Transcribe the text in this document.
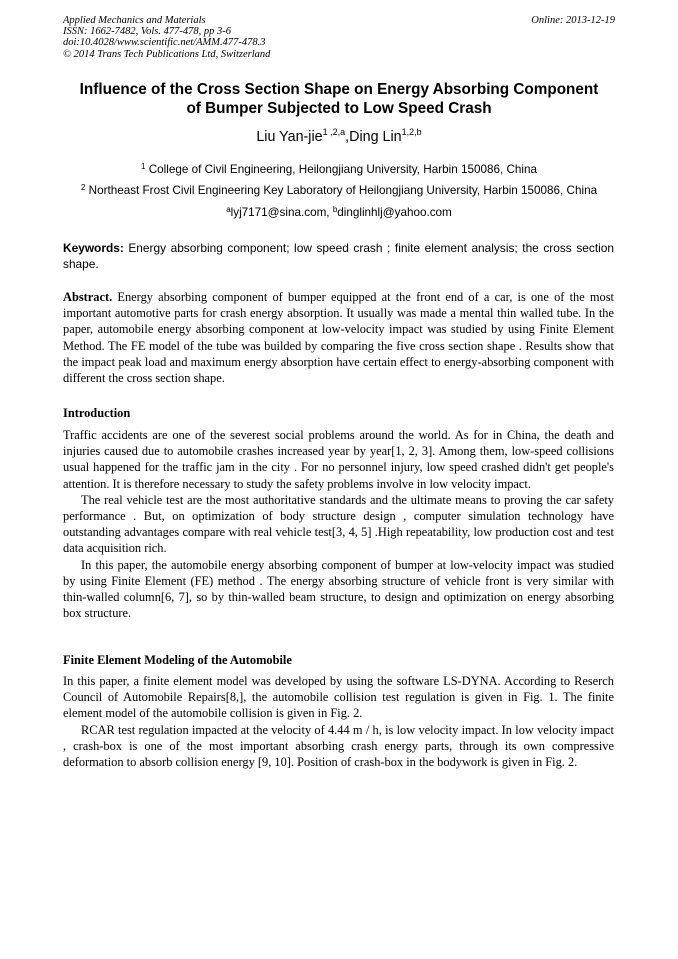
Applied Mechanics and Materials
ISSN: 1662-7482, Vols. 477-478, pp 3-6
doi:10.4028/www.scientific.net/AMM.477-478.3
© 2014 Trans Tech Publications Ltd, Switzerland
Online: 2013-12-19
Influence of the Cross Section Shape on Energy Absorbing Component
of Bumper Subjected to Low Speed Crash
Liu Yan-jie$^{1 ,2,a}$,Ding Lin$^{1,2,b}$
$^1$ College of Civil Engineering, Heilongjiang University, Harbin 150086, China
$^2$ Northeast Frost Civil Engineering Key Laboratory of Heilongjiang University, Harbin 150086, China
$^a$lyj7171@sina.com, $^b$dinglinhlj@yahoo.com
Keywords: Energy absorbing component; low speed crash ; finite element analysis; the cross section shape.
Abstract. Energy absorbing component of bumper equipped at the front end of a car, is one of the most important automotive parts for crash energy absorption. It usually was made a mental thin walled tube. In the paper, automobile energy absorbing component at low-velocity impact was studied by using Finite Element Method. The FE model of the tube was builded by comparing the five cross section shape . Results show that the impact peak load and maximum energy absorption have certain effect to energy-absorbing component with different the cross section shape.
Introduction

Traffic accidents are one of the severest social problems around the world. As for in China, the death and injuries caused due to automobile crashes increased year by year[1, 2, 3]. Among them, low-speed collisions usual happened for the traffic jam in the city . For no personnel injury, low speed crashed didn't get people's attention. It is therefore necessary to study the safety problems involve in low velocity impact.

The real vehicle test are the most authoritative standards and the ultimate means to proving the car safety performance . But, on optimization of body structure design , computer simulation technology have outstanding advantages compare with real vehicle test[3, 4, 5] .High repeatability, low production cost and test data acquisition rich.

In this paper, the automobile energy absorbing component of bumper at low-velocity impact was studied by using Finite Element (FE) method . The energy absorbing structure of vehicle front is very similar with thin-walled column[6, 7], so by thin-walled beam structure, to design and optimization on energy absorbing box structure.

Finite Element Modeling of the Automobile

In this paper, a finite element model was developed by using the software LS-DYNA. According to Reserch Council of Automobile Repairs[8,], the automobile collision test regulation is given in Fig. 1. The finite element model of the automobile collision is given in Fig. 2.

RCAR test regulation impacted at the velocity of 4.44 m / h, is low velocity impact. In low velocity impact , crash-box is one of the most important absorbing crash energy parts, through its own compressive deformation to absorb collision energy [9, 10]. Position of crash-box in the bodywork is given in Fig. 2.
